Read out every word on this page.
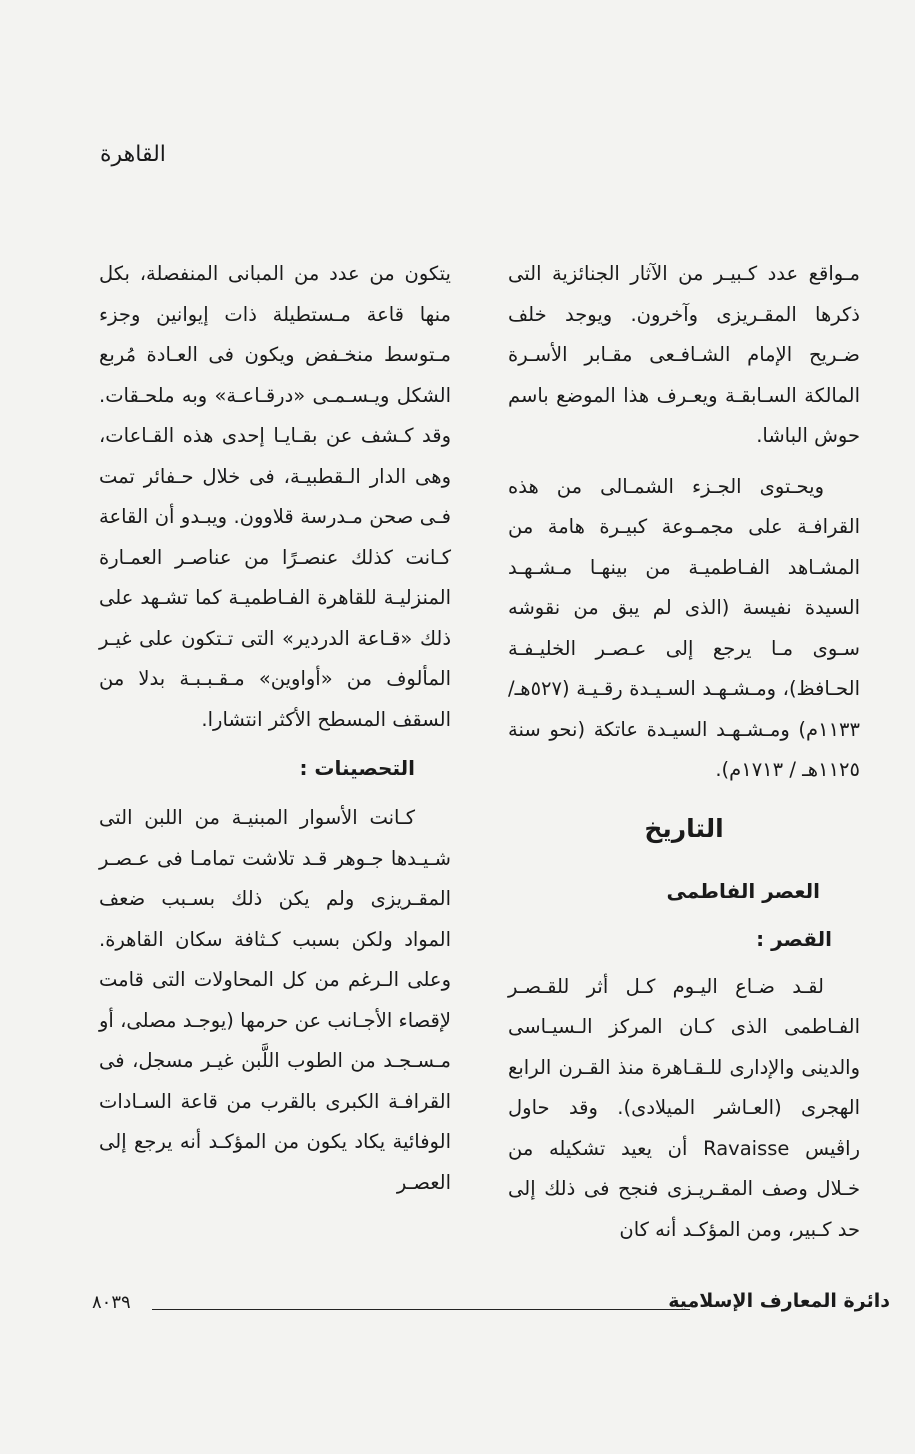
القاهرة

مـواقع عدد كـبيـر من الآثار الجنائزية التى ذكرها المقـريزى وآخرون. ويوجد خلف ضـريح الإمام الشـافـعى مقـابر الأسـرة المالكة السـابقـة ويعـرف هذا الموضع باسم حوش الباشا.

ويحـتوى الجـزء الشمـالى من هذه القرافـة على مجمـوعة كبيـرة هامة من المشـاهد الفـاطميـة من بينهـا مـشـهـد السيدة نفيسة (الذى لم يبق من نقوشه سـوى مـا يرجع إلى عـصـر الخليـفـة الحـافظ)، ومـشـهـد السـيـدة رقـيـة (٥٢٧هـ/ ١١٣٣م) ومـشـهـد السيـدة عاتكة (نحو سنة ١١٢٥هـ / ١٧١٣م).

التاريخ
العصر الفاطمى
القصر :

لقـد ضـاع اليـوم كـل أثر للقـصـر الفـاطمى الذى كـان المركز الـسيـاسى والدينى والإدارى للـقـاهرة منذ القـرن الرابع الهجرى (العـاشر الميلادى). وقد حاول راڤيس Ravaisse أن يعيد تشكيله من خـلال وصف المقـريـزى فنجح فى ذلك إلى حد كـبير، ومن المؤكـد أنه كان

يتكون من عدد من المبانى المنفصلة، بكل منها قاعة مـستطيلة ذات إيوانين وجزء مـتوسط منخـفض ويكون فى العـادة مُربع الشكل ويـسـمـى «درقـاعـة» وبه ملحـقات. وقد كـشف عن بقـايـا إحدى هذه القـاعات، وهى الدار الـقطبيـة، فى خلال حـفائر تمت فـى صحن مـدرسة قلاوون. ويبـدو أن القاعة كـانت كذلك عنصـرًا من عناصـر العمـارة المنزليـة للقاهرة الفـاطميـة كما تشـهد على ذلك «قـاعة الدردير» التى تـتكون على غيـر المألوف من «أواوين» مـقـبـبـة بدلا من السقف المسطح الأكثر انتشارا.

التحصينات :

كـانت الأسوار المبنيـة من اللبن التى شـيـدها جـوهر قـد تلاشت تمامـا فى عـصـر المقـريزى ولم يكن ذلك بسـبب ضعف المواد ولكن بسبب كـثافة سكان القاهرة. وعلى الـرغم من كل المحاولات التى قامت لإقصاء الأجـانب عن حرمها (يوجـد مصلى، أو مـسـجـد من الطوب اللَّبن غيـر مسجل، فى القرافـة الكبرى بالقرب من قاعة السـادات الوفائية يكاد يكون من المؤكـد أنه يرجع إلى العصـر

دائرة المعارف الإسلامية
٨٠٣٩
